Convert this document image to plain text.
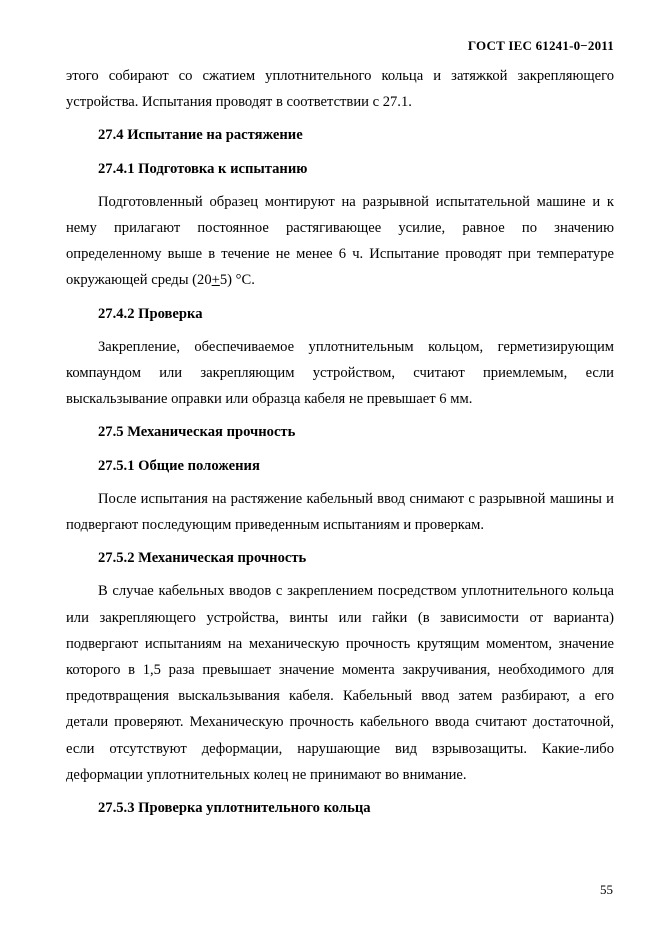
ГОСТ IEC 61241-0−2011

этого собирают со сжатием уплотнительного кольца и затяжкой закрепляющего устройства. Испытания проводят в соответствии с 27.1.

27.4 Испытание на растяжение
27.4.1 Подготовка к испытанию

Подготовленный образец монтируют на разрывной испытательной машине и к нему прилагают постоянное растягивающее усилие, равное по значению определенному выше в течение не менее 6 ч. Испытание проводят при температуре окружающей среды (20+5) °С.

27.4.2 Проверка

Закрепление, обеспечиваемое уплотнительным кольцом, герметизирующим компаундом или закрепляющим устройством, считают приемлемым, если выскальзывание оправки или образца кабеля не превышает 6 мм.

27.5 Механическая прочность
27.5.1 Общие положения

После испытания на растяжение кабельный ввод снимают с разрывной машины и подвергают последующим приведенным испытаниям и проверкам.

27.5.2 Механическая прочность

В случае кабельных вводов с закреплением посредством уплотнительного кольца или закрепляющего устройства, винты или гайки (в зависимости от варианта) подвергают испытаниям на механическую прочность крутящим моментом, значение которого в 1,5 раза превышает значение момента закручивания, необходимого для предотвращения выскальзывания кабеля. Кабельный ввод затем разбирают, а его детали проверяют. Механическую прочность кабельного ввода считают достаточной, если отсутствуют деформации, нарушающие вид взрывозащиты. Какие-либо деформации уплотнительных колец не принимают во внимание.

27.5.3 Проверка уплотнительного кольца
55
